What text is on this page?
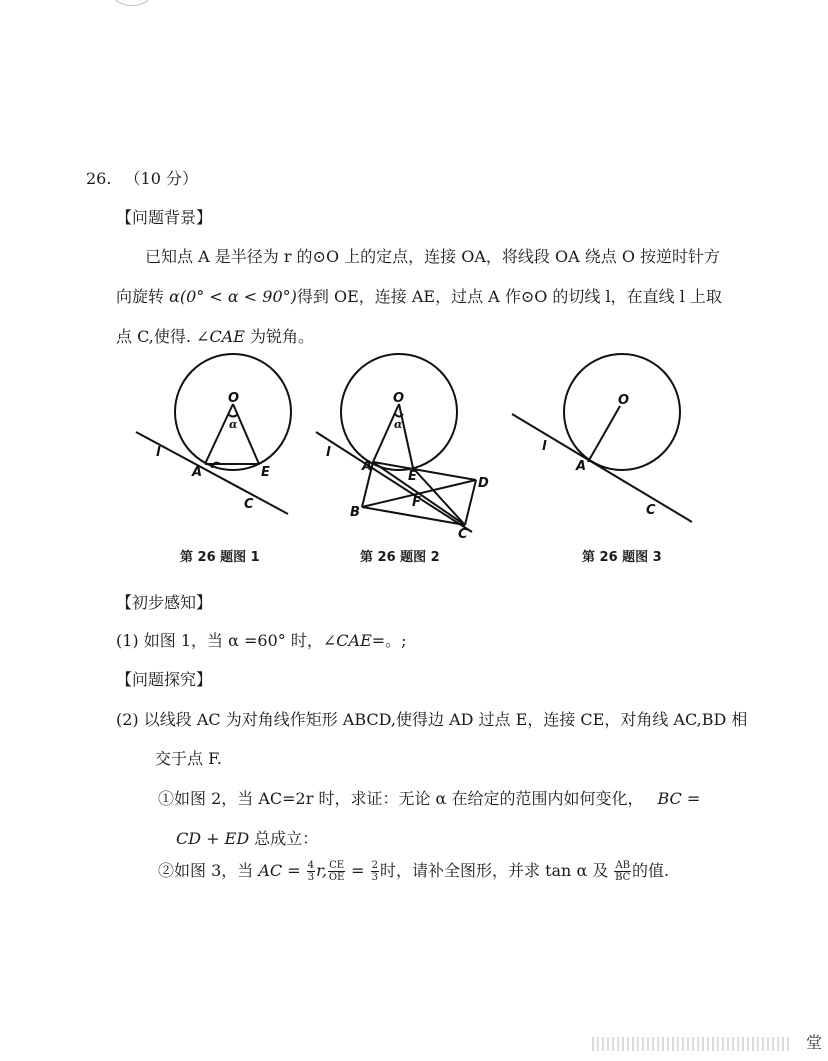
26. （10 分）
【问题背景】
已知点 A 是半径为 r 的⊙O 上的定点，连接 OA，将线段 OA 绕点 O 按逆时针方
向旋转 α(0° < α < 90°)得到 OE，连接 AE，过点 A 作⊙O 的切线 l，在直线 l 上取
点 C,使得. ∠CAE 为锐角。
O
α
A	E
C
l
O
α
A
E	D
B
F
C
l
O
A
C
l
第 26 题图 1	第 26 题图 2	第 26 题图 3
【初步感知】
(1) 如图 1，当 α =60° 时，∠CAE=。;
【问题探究】
(2) 以线段 AC 为对角线作矩形 ABCD,使得边 AD 过点 E，连接 CE，对角线 AC,BD 相
交于点 F.
①如图 2，当 AC=2r 时，求证：无论 α 在给定的范围内如何变化， BC =
CD + ED 总成立：
②如图 3，当 AC = $\frac{4}{3} r$, $\frac{CE}{OE} = \frac{2}{3}$ 时，请补全图形，并求 tan α 及 $\frac{AB}{BC}$ 的值.
堂
